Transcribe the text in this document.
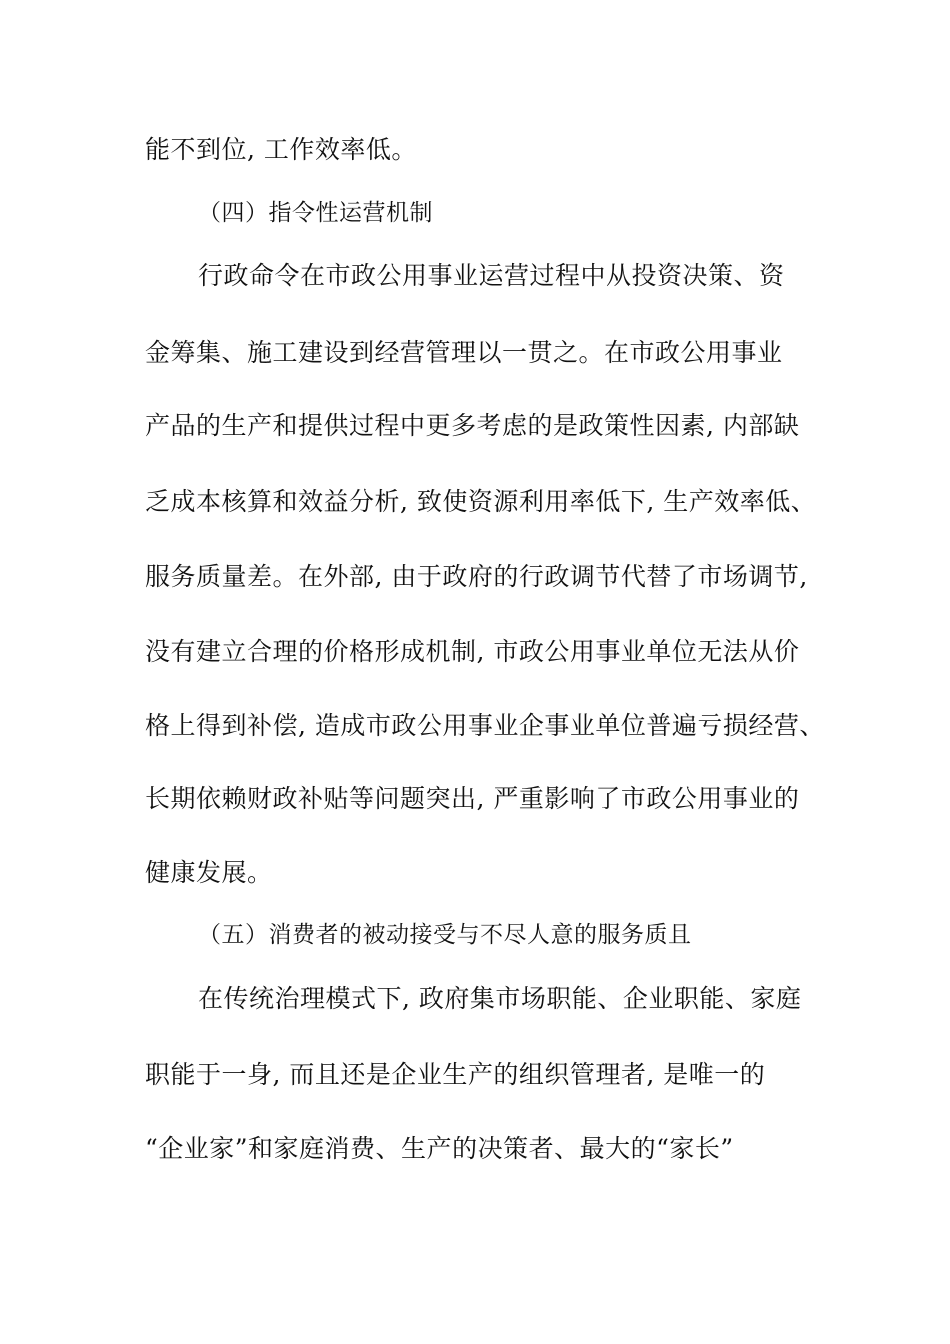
能不到位, 工作效率低。
（四）指令性运营机制
行政命令在市政公用事业运营过程中从投资决策、资
金筹集、施工建设到经营管理以一贯之。在市政公用事业
产品的生产和提供过程中更多考虑的是政策性因素, 内部缺
乏成本核算和效益分析, 致使资源利用率低下, 生产效率低、
服务质量差。在外部, 由于政府的行政调节代替了市场调节,
没有建立合理的价格形成机制, 市政公用事业单位无法从价
格上得到补偿, 造成市政公用事业企事业单位普遍亏损经营、
长期依赖财政补贴等问题突出, 严重影响了市政公用事业的
健康发展。
（五）消费者的被动接受与不尽人意的服务质且
在传统治理模式下, 政府集市场职能、企业职能、家庭
职能于一身, 而且还是企业生产的组织管理者, 是唯一的
“企业家”和家庭消费、生产的决策者、最大的“家长”
